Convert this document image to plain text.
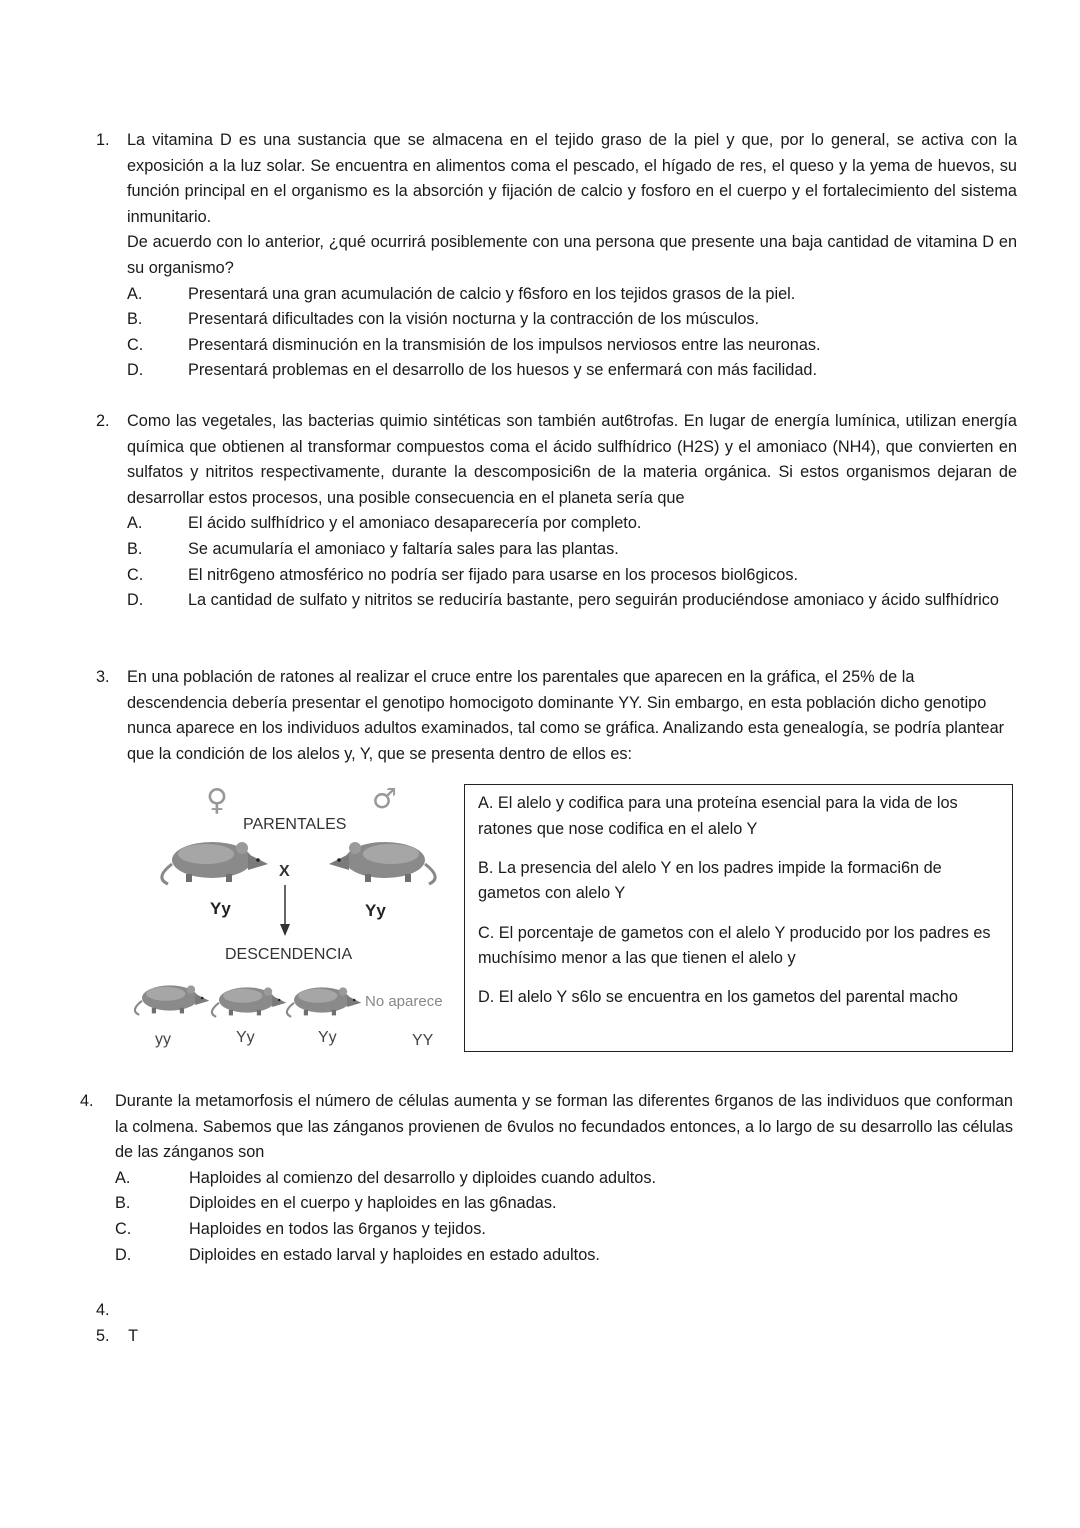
1.	La vitamina D es una sustancia que se almacena en el tejido graso de la piel y que, por lo general, se activa con la exposición a la luz solar. Se encuentra en alimentos coma el pescado, el hígado de res, el queso y la yema de huevos, su función principal en el organismo es la absorción y fijación de calcio y fosforo en el cuerpo y el fortalecimiento del sistema inmunitario.

De acuerdo con lo anterior, ¿qué ocurrirá posiblemente con una persona que presente una baja cantidad de vitamina D en su organismo?

A.	Presentará una gran acumulación de calcio y f6sforo en los tejidos grasos de la piel.
B.	Presentará dificultades con la visión nocturna y la contracción de los músculos.
C.	Presentará disminución en la transmisión de los impulsos nerviosos entre las neuronas.
D.	Presentará problemas en el desarrollo de los huesos y se enfermará con más facilidad.
2.	Como las vegetales, las bacterias quimio sintéticas son también aut6trofas. En lugar de energía lumínica, utilizan energía química que obtienen al transformar compuestos coma el ácido sulfhídrico (H2S) y el amoniaco (NH4), que convierten en sulfatos y nitritos respectivamente, durante la descomposici6n de la materia orgánica. Si estos organismos dejaran de desarrollar estos procesos, una posible consecuencia en el planeta sería que

A.	El ácido sulfhídrico y el amoniaco desaparecería por completo.
B.	Se acumularía el amoniaco y faltaría sales para las plantas.
C.	El nitr6geno atmosférico no podría ser fijado para usarse en los procesos biol6gicos.
D.	La cantidad de sulfato y nitritos se reduciría bastante, pero seguirán produciéndose amoniaco y ácido sulfhídrico
3.	En una población de ratones al realizar el cruce entre los parentales que aparecen en la gráfica, el 25% de la descendencia debería presentar el genotipo homocigoto dominante YY. Sin embargo, en esta población dicho genotipo nunca aparece en los individuos adultos examinados, tal como se gráfica. Analizando esta genealogía, se podría plantear que la condición de los alelos y, Y, que se presenta dentro de ellos es:

♀	♂
PARENTALES
X
Yy	Yy
DESCENDENCIA
No aparece
yy	Yy	Yy	YY

A. El alelo y codifica para una proteína esencial para la vida de los ratones que nose codifica en el alelo Y

B. La presencia del alelo Y en los padres impide la formaci6n de gametos con alelo Y

C. El porcentaje de gametos con el alelo Y producido por los padres es muchísimo menor a las que tienen el alelo y

D. El alelo Y s6lo se encuentra en los gametos del parental macho

4.	Durante la metamorfosis el número de células aumenta y se forman las diferentes 6rganos de las individuos que conforman la colmena. Sabemos que las zánganos provienen de 6vulos no fecundados entonces, a lo largo de su desarrollo las células de las zánganos son

A.	Haploides al comienzo del desarrollo y diploides cuando adultos.
B.	Diploides en el cuerpo y haploides en las g6nadas.
C.	Haploides en todos las 6rganos y tejidos.
D.	Diploides en estado larval y haploides en estado adultos.
4.
5. T
